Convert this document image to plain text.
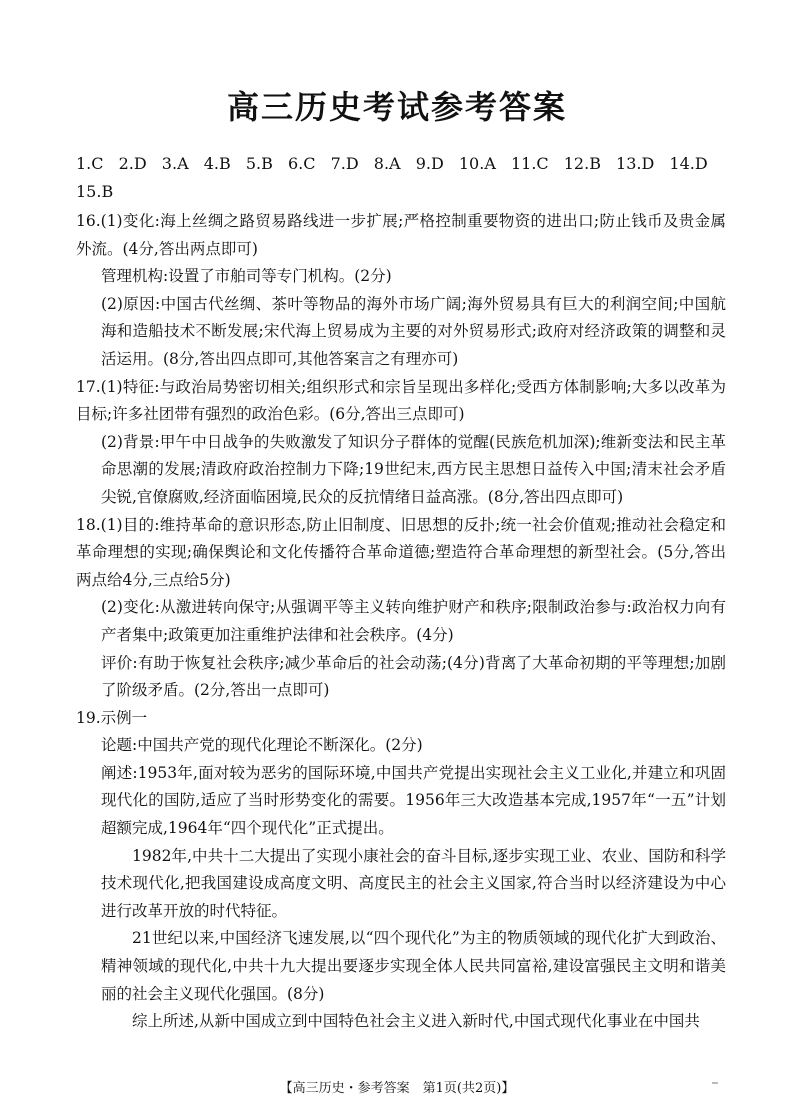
高三历史考试参考答案
1.C 2.D 3.A 4.B 5.B 6.C 7.D 8.A 9.D 10.A 11.C 12.B 13.D 14.D
15.B

16.(1)变化:海上丝绸之路贸易路线进一步扩展;严格控制重要物资的进出口;防止钱币及贵金属外流。(4分,答出两点即可)

管理机构:设置了市舶司等专门机构。(2分)

(2)原因:中国古代丝绸、茶叶等物品的海外市场广阔;海外贸易具有巨大的利润空间;中国航海和造船技术不断发展;宋代海上贸易成为主要的对外贸易形式;政府对经济政策的调整和灵活运用。(8分,答出四点即可,其他答案言之有理亦可)

17.(1)特征:与政治局势密切相关;组织形式和宗旨呈现出多样化;受西方体制影响;大多以改革为目标;许多社团带有强烈的政治色彩。(6分,答出三点即可)

(2)背景:甲午中日战争的失败激发了知识分子群体的觉醒(民族危机加深);维新变法和民主革命思潮的发展;清政府政治控制力下降;19世纪末,西方民主思想日益传入中国;清末社会矛盾尖锐,官僚腐败,经济面临困境,民众的反抗情绪日益高涨。(8分,答出四点即可)

18.(1)目的:维持革命的意识形态,防止旧制度、旧思想的反扑;统一社会价值观;推动社会稳定和革命理想的实现;确保舆论和文化传播符合革命道德;塑造符合革命理想的新型社会。(5分,答出两点给4分,三点给5分)

(2)变化:从激进转向保守;从强调平等主义转向维护财产和秩序;限制政治参与:政治权力向有产者集中;政策更加注重维护法律和社会秩序。(4分)

评价:有助于恢复社会秩序;减少革命后的社会动荡;(4分)背离了大革命初期的平等理想;加剧了阶级矛盾。(2分,答出一点即可)

19.示例一

论题:中国共产党的现代化理论不断深化。(2分)

阐述:1953年,面对较为恶劣的国际环境,中国共产党提出实现社会主义工业化,并建立和巩固现代化的国防,适应了当时形势变化的需要。1956年三大改造基本完成,1957年“一五”计划超额完成,1964年“四个现代化”正式提出。

1982年,中共十二大提出了实现小康社会的奋斗目标,逐步实现工业、农业、国防和科学技术现代化,把我国建设成高度文明、高度民主的社会主义国家,符合当时以经济建设为中心进行改革开放的时代特征。

21世纪以来,中国经济飞速发展,以“四个现代化”为主的物质领域的现代化扩大到政治、精神领域的现代化,中共十九大提出要逐步实现全体人民共同富裕,建设富强民主文明和谐美丽的社会主义现代化强国。(8分)

综上所述,从新中国成立到中国特色社会主义进入新时代,中国式现代化事业在中国共

【高三历史・参考答案　第1页(共2页)】
